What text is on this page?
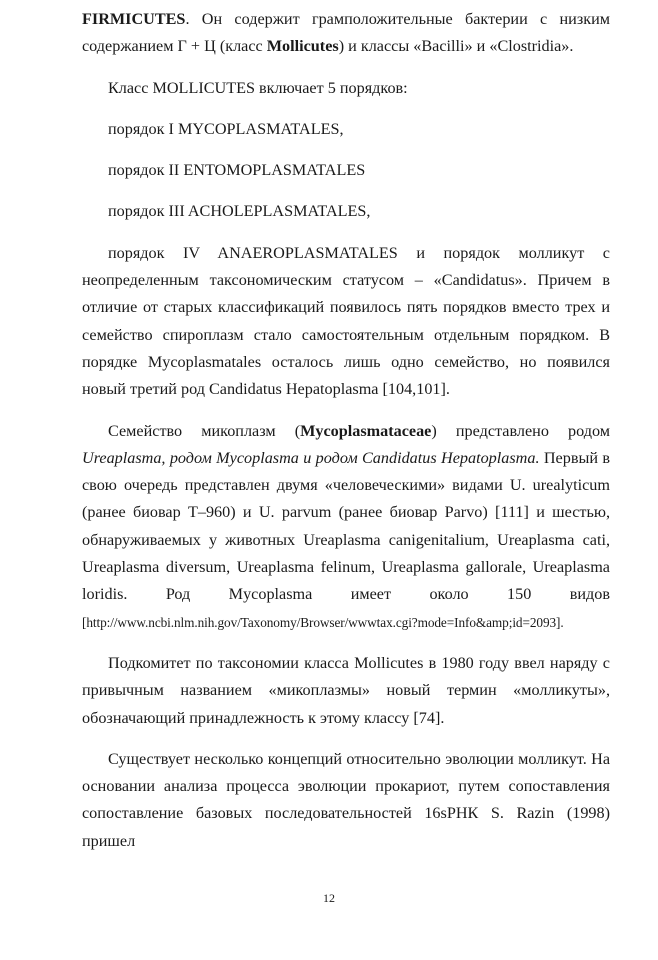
FIRMICUTES. Он содержит грамположительные бактерии с низким содержанием Г + Ц (класс Mollicutes) и классы «Bacilli» и «Clostridia».

Класс MOLLICUTES включает 5 порядков:

порядок I MYCOPLASMATALES,

порядок II ENTOMOPLASMATALES

порядок III ACHOLEPLASMATALES,

порядок IV ANAEROPLASMATALES и порядок молликут с неопределенным таксономическим статусом – «Candidatus». Причем в отличие от старых классификаций появилось пять порядков вместо трех и семейство спироплазм стало самостоятельным отдельным порядком. В порядке Mycoplasmatales осталось лишь одно семейство, но появился новый третий род Candidatus Hepatoplasma [104,101].

Семейство микоплазм (Mycoplasmataceae) представлено родом Ureaplasma, родом Mycoplasma и родом Candidatus Hepatoplasma. Первый в свою очередь представлен двумя «человеческими» видами U. urealyticum (ранее биовар T–960) и U. parvum (ранее биовар Parvo) [111] и шестью, обнаруживаемых у животных Ureaplasma canigenitalium, Ureaplasma cati, Ureaplasma diversum, Ureaplasma felinum, Ureaplasma gallorale, Ureaplasma loridis. Род Mycoplasma имеет около 150 видов [http://www.ncbi.nlm.nih.gov/Taxonomy/Browser/wwwtax.cgi?mode=Info&amp;id=2093].

Подкомитет по таксономии класса Mollicutes в 1980 году ввел наряду с привычным названием «микоплазмы» новый термин «молликуты», обозначающий принадлежность к этому классу [74].

Существует несколько концепций относительно эволюции молликут. На основании анализа процесса эволюции прокариот, путем сопоставления сопоставление базовых последовательностей 16sРНК S. Razin (1998) пришел

12
